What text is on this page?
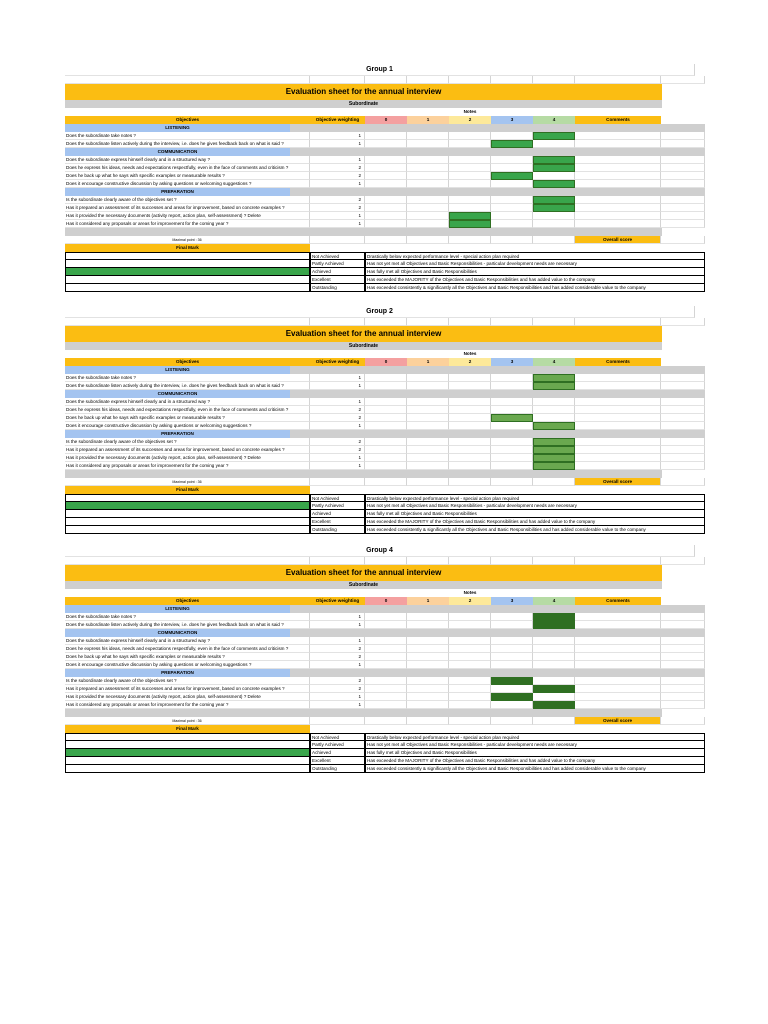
Group 1
Evaluation sheet for the annual interview
Subordinate
Notes
Objectives	Objective weighting	0	1	2	3	4	Comments
LISTENING
Does the subordinate take notes ?	1
Does the subordinate listen actively during the interview, i.e. does he gives feedback back on what is said ?	1
COMMUNICATION
Does the subordinate express himself clearly and in a structured way ?	1
Does he express his ideas, needs and expectations respectfully, even in the face of comments and criticism ?	2
Does he back up what he says with specific examples or measurable results ?	2
Does it encourage constructive discussion by asking questions or welcoming suggestions ?	1
PREPARATION
Is the subordinate clearly aware of the objectives set ?	2
Has it prepared an assessment of its successes and areas for improvement, based on concrete examples ?	2
Has it provided the necessary documents (activity report, action plan, self-assessment) ? Delete	1
Has it considered any proposals or areas for improvement for the coming year ?	1
Maximal point : 36	Overall score
Final Mark
Not Achieved	Drastically below expected performance level - special action plan required
Partly Achieved	Has not yet met all Objectives and Basic Responsibilities - particular development needs are necessary
Achieved	Has fully met all Objectives and Basic Responsibilities
Excellent	Has exceeded the MAJORITY of the Objectives and Basic Responsibilities and has added value to the company
Outstanding	Has exceeded consistently & significantly all the Objectives and Basic Responsibilities and has added considerable value to the company
Group 2
Evaluation sheet for the annual interview
Subordinate
Notes
Objectives	Objective weighting	0	1	2	3	4	Comments
LISTENING
Does the subordinate take notes ?	1
Does the subordinate listen actively during the interview, i.e. does he gives feedback back on what is said ?	1
COMMUNICATION
Does the subordinate express himself clearly and in a structured way ?	1
Does he express his ideas, needs and expectations respectfully, even in the face of comments and criticism ?	2
Does he back up what he says with specific examples or measurable results ?	2
Does it encourage constructive discussion by asking questions or welcoming suggestions ?	1
PREPARATION
Is the subordinate clearly aware of the objectives set ?	2
Has it prepared an assessment of its successes and areas for improvement, based on concrete examples ?	2
Has it provided the necessary documents (activity report, action plan, self-assessment) ? Delete	1
Has it considered any proposals or areas for improvement for the coming year ?	1
Maximal point : 36	Overall score
Final Mark
Not Achieved	Drastically below expected performance level - special action plan required
Partly Achieved	Has not yet met all Objectives and Basic Responsibilities - particular development needs are necessary
Achieved	Has fully met all Objectives and Basic Responsibilities
Excellent	Has exceeded the MAJORITY of the Objectives and Basic Responsibilities and has added value to the company
Outstanding	Has exceeded consistently & significantly all the Objectives and Basic Responsibilities and has added considerable value to the company
Group 4
Evaluation sheet for the annual interview
Subordinate
Notes
Objectives	Objective weighting	0	1	2	3	4	Comments
LISTENING
Does the subordinate take notes ?	1
Does the subordinate listen actively during the interview, i.e. does he gives feedback back on what is said ?	1
COMMUNICATION
Does the subordinate express himself clearly and in a structured way ?	1
Does he express his ideas, needs and expectations respectfully, even in the face of comments and criticism ?	2
Does he back up what he says with specific examples or measurable results ?	2
Does it encourage constructive discussion by asking questions or welcoming suggestions ?	1
PREPARATION
Is the subordinate clearly aware of the objectives set ?	2
Has it prepared an assessment of its successes and areas for improvement, based on concrete examples ?	2
Has it provided the necessary documents (activity report, action plan, self-assessment) ? Delete	1
Has it considered any proposals or areas for improvement for the coming year ?	1
Maximal point : 36	Overall score
Final Mark
Not Achieved	Drastically below expected performance level - special action plan required
Partly Achieved	Has not yet met all Objectives and Basic Responsibilities - particular development needs are necessary
Achieved	Has fully met all Objectives and Basic Responsibilities
Excellent	Has exceeded the MAJORITY of the Objectives and Basic Responsibilities and has added value to the company
Outstanding	Has exceeded consistently & significantly all the Objectives and Basic Responsibilities and has added considerable value to the company
